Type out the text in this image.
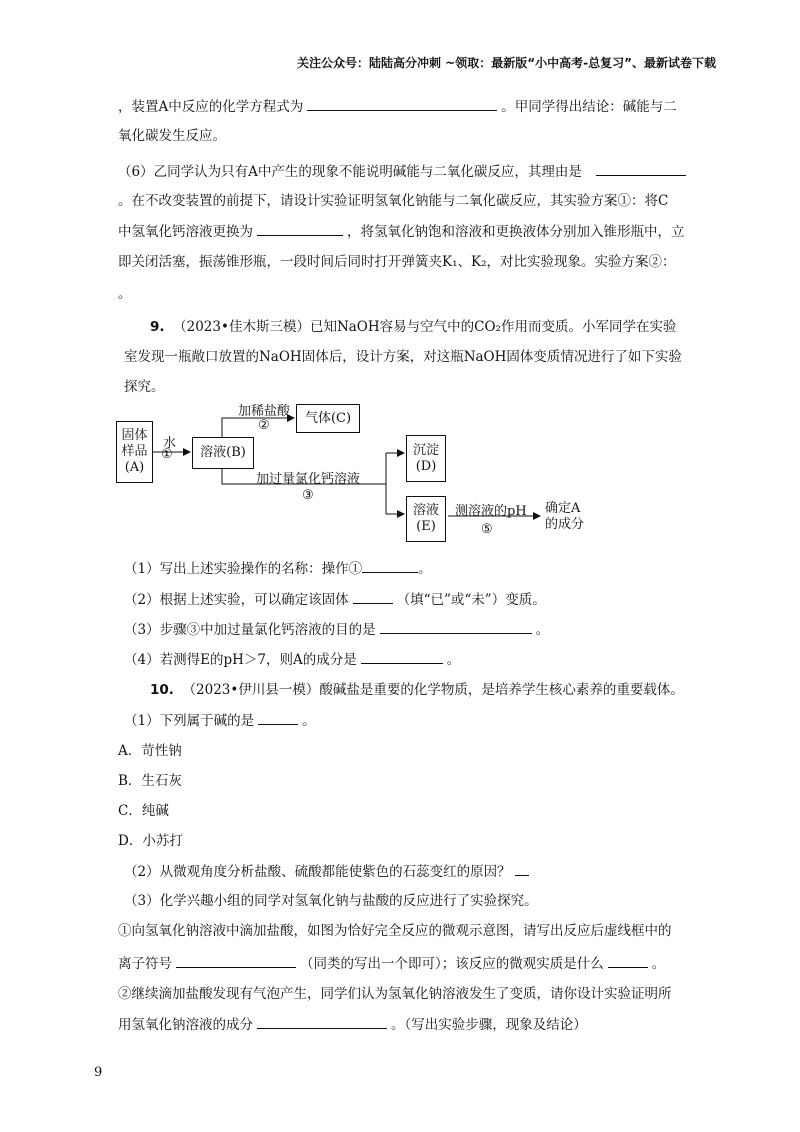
关注公众号：陆陆高分冲刺 ~领取：最新版“小中高考-总复习”、最新试卷下载
，装置A中反应的化学方程式为	。甲同学得出结论：碱能与二
氧化碳发生反应。
（6）乙同学认为只有A中产生的现象不能说明碱能与二氧化碳反应，其理由是
。在不改变装置的前提下，请设计实验证明氢氧化钠能与二氧化碳反应，其实验方案①：将C
中氢氧化钙溶液更换为	，将氢氧化钠饱和溶液和更换液体分别加入锥形瓶中，立
即关闭活塞，振荡锥形瓶，一段时间后同时打开弹簧夹K₁、K₂，对比实验现象。实验方案②：
。
9. （2023•佳木斯三模）已知NaOH容易与空气中的CO₂作用而变质。小军同学在实验
室发现一瓶敞口放置的NaOH固体后，设计方案，对这瓶NaOH固体变质情况进行了如下实验
探究。
固体样品(A)
水
① 溶液(B)
加稀盐酸
②	气体(C)
加过量氯化钙溶液
③
沉淀(D)
溶液(E)
测溶液的pH
⑤
确定A的成分
（1）写出上述实验操作的名称：操作①	。
（2）根据上述实验，可以确定该固体	（填“已”或“未”）变质。
（3）步骤③中加过量氯化钙溶液的目的是	。
（4）若测得E的pH＞7，则A的成分是	。
10. （2023•伊川县一模）酸碱盐是重要的化学物质，是培养学生核心素养的重要载体。
（1）下列属于碱的是	。
A．苛性钠
B．生石灰
C．纯碱
D．小苏打
（2）从微观角度分析盐酸、硫酸都能使紫色的石蕊变红的原因？
（3）化学兴趣小组的同学对氢氧化钠与盐酸的反应进行了实验探究。
①向氢氧化钠溶液中滴加盐酸，如图为恰好完全反应的微观示意图，请写出反应后虚线框中的
离子符号	（同类的写出一个即可）；该反应的微观实质是什么	。
②继续滴加盐酸发现有气泡产生，同学们认为氢氧化钠溶液发生了变质，请你设计实验证明所
用氢氧化钠溶液的成分	。（写出实验步骤，现象及结论）
9
